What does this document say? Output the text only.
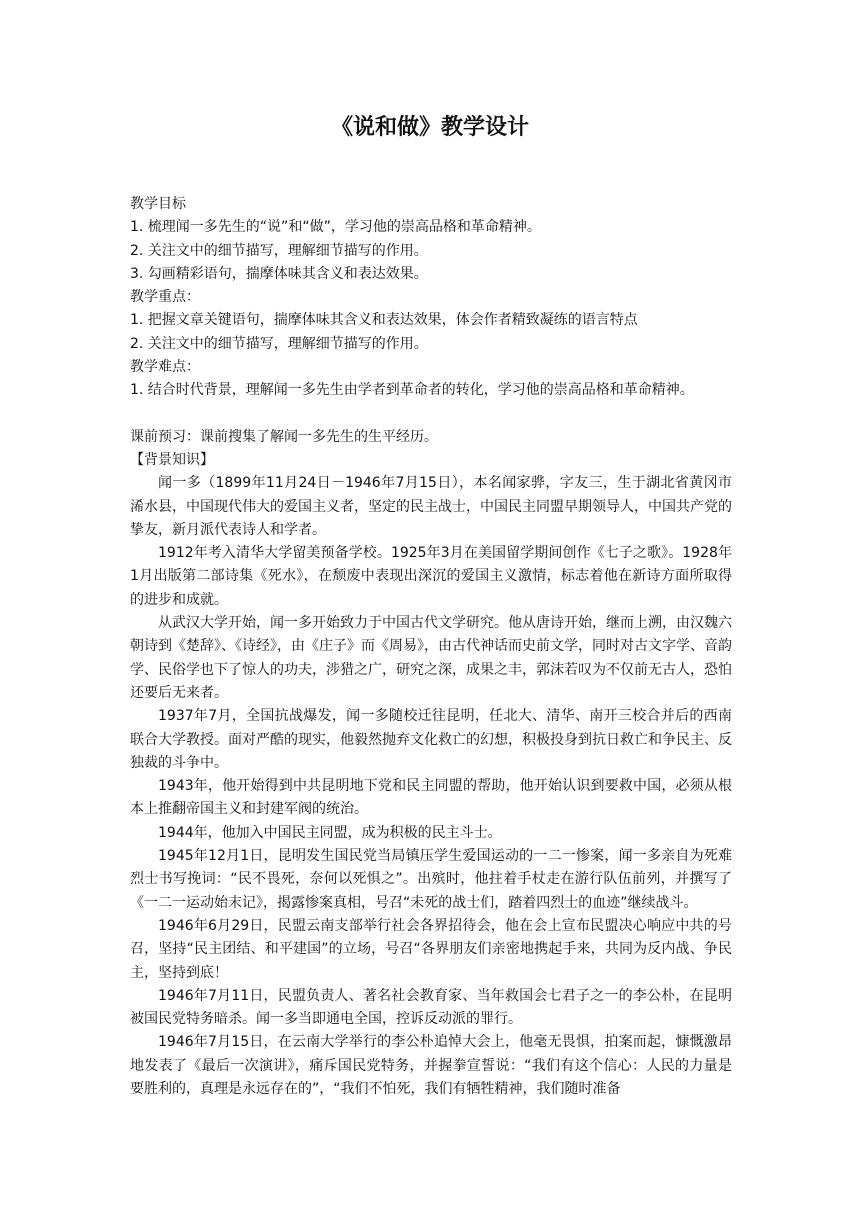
《说和做》教学设计

教学目标

1. 梳理闻一多先生的“说”和“做”，学习他的崇高品格和革命精神。

2. 关注文中的细节描写，理解细节描写的作用。

3. 勾画精彩语句，揣摩体味其含义和表达效果。

教学重点：

1. 把握文章关键语句，揣摩体味其含义和表达效果，体会作者精致凝练的语言特点

2. 关注文中的细节描写，理解细节描写的作用。

教学难点：

1. 结合时代背景，理解闻一多先生由学者到革命者的转化，学习他的崇高品格和革命精神。

课前预习：课前搜集了解闻一多先生的生平经历。

【背景知识】

闻一多（1899年11月24日－1946年7月15日），本名闻家骅，字友三，生于湖北省黄冈市浠水县，中国现代伟大的爱国主义者，坚定的民主战士，中国民主同盟早期领导人，中国共产党的挚友，新月派代表诗人和学者。

1912年考入清华大学留美预备学校。1925年3月在美国留学期间创作《七子之歌》。1928年1月出版第二部诗集《死水》，在颓废中表现出深沉的爱国主义激情，标志着他在新诗方面所取得的进步和成就。

从武汉大学开始，闻一多开始致力于中国古代文学研究。他从唐诗开始，继而上溯，由汉魏六朝诗到《楚辞》、《诗经》，由《庄子》而《周易》，由古代神话而史前文学，同时对古文字学、音韵学、民俗学也下了惊人的功夫，涉猎之广，研究之深，成果之丰，郭沫若叹为不仅前无古人，恐怕还要后无来者。

1937年7月，全国抗战爆发，闻一多随校迁往昆明，任北大、清华、南开三校合并后的西南联合大学教授。面对严酷的现实，他毅然抛弃文化救亡的幻想，积极投身到抗日救亡和争民主、反独裁的斗争中。

1943年，他开始得到中共昆明地下党和民主同盟的帮助，他开始认识到要救中国，必须从根本上推翻帝国主义和封建军阀的统治。

1944年，他加入中国民主同盟，成为积极的民主斗士。

1945年12月1日，昆明发生国民党当局镇压学生爱国运动的一二一惨案，闻一多亲自为死难烈士书写挽词：“民不畏死，奈何以死惧之”。出殡时，他拄着手杖走在游行队伍前列，并撰写了《一二一运动始末记》，揭露惨案真相，号召“未死的战士们，踏着四烈士的血迹”继续战斗。

1946年6月29日，民盟云南支部举行社会各界招待会，他在会上宣布民盟决心响应中共的号召，坚持“民主团结、和平建国”的立场，号召“各界朋友们亲密地携起手来，共同为反内战、争民主，坚持到底！

1946年7月11日，民盟负责人、著名社会教育家、当年救国会七君子之一的李公朴，在昆明被国民党特务暗杀。闻一多当即通电全国，控诉反动派的罪行。

1946年7月15日，在云南大学举行的李公朴追悼大会上，他毫无畏惧，拍案而起，慷慨激昂地发表了《最后一次演讲》，痛斥国民党特务，并握拳宣誓说：“我们有这个信心：人民的力量是要胜利的，真理是永远存在的”，“我们不怕死，我们有牺牲精神，我们随时准备
